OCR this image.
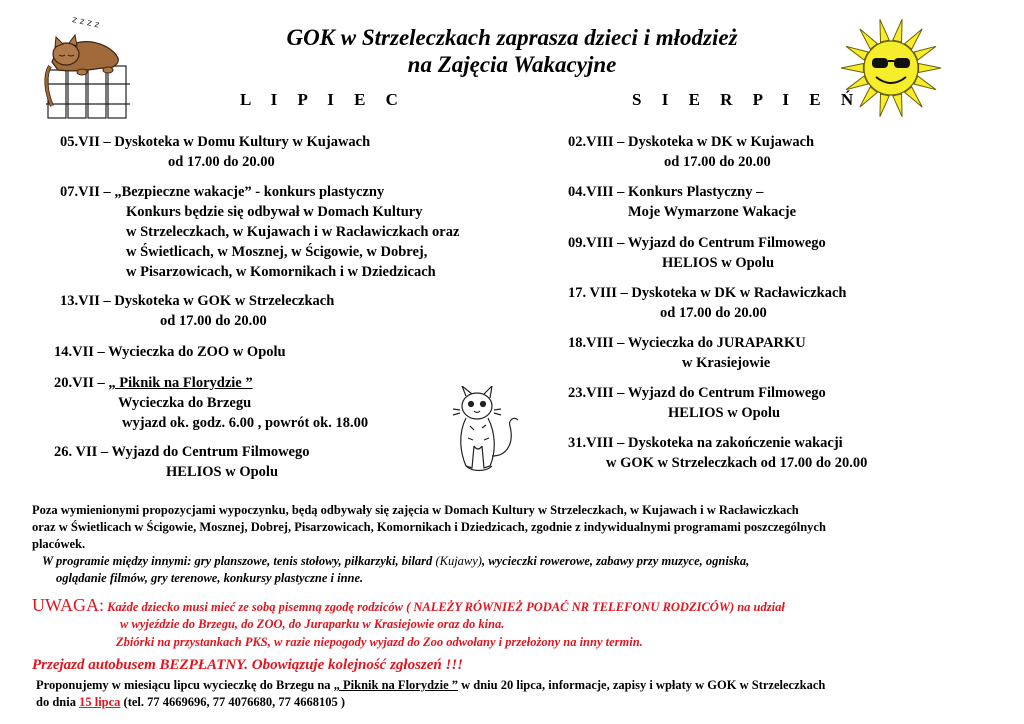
z z z z
GOK w Strzeleczkach zaprasza dzieci i młodzież
na Zajęcia Wakacyjne
L I P I E C	S I E R P I E Ń
05.VII – Dyskoteka w Domu Kultury w Kujawach
od 17.00 do 20.00
07.VII – „Bezpieczne wakacje” - konkurs plastyczny
Konkurs będzie się odbywał w Domach Kultury
w Strzeleczkach, w Kujawach i w Racławiczkach oraz
w Świetlicach, w Mosznej, w Ścigowie, w Dobrej,
w Pisarzowicach, w Komornikach i w Dziedzicach
13.VII – Dyskoteka w GOK w Strzeleczkach
od 17.00 do 20.00
14.VII – Wycieczka do ZOO w Opolu
20.VII – „ Piknik na Florydzie ”
Wycieczka do Brzegu
wyjazd ok. godz. 6.00 , powrót ok. 18.00
26. VII – Wyjazd do Centrum Filmowego
HELIOS w Opolu
02.VIII – Dyskoteka w DK w Kujawach
od 17.00 do 20.00
04.VIII – Konkurs Plastyczny –
Moje Wymarzone Wakacje
09.VIII – Wyjazd do Centrum Filmowego
HELIOS w Opolu
17. VIII – Dyskoteka w DK w Racławiczkach
od 17.00 do 20.00
18.VIII – Wycieczka do JURAPARKU
w Krasiejowie
23.VIII – Wyjazd do Centrum Filmowego
HELIOS w Opolu
31.VIII – Dyskoteka na zakończenie wakacji
w GOK w Strzeleczkach od 17.00 do 20.00
Poza wymienionymi propozycjami wypoczynku, będą odbywały się zajęcia w Domach Kultury w Strzeleczkach, w Kujawach i w Racławiczkach
oraz w Świetlicach w Ścigowie, Mosznej, Dobrej, Pisarzowicach, Komornikach i Dziedzicach, zgodnie z indywidualnymi programami poszczególnych
placówek.
W programie między innymi: gry planszowe, tenis stołowy, piłkarzyki, bilard (Kujawy), wycieczki rowerowe, zabawy przy muzyce, ogniska,
oglądanie filmów, gry terenowe, konkursy plastyczne i inne.
UWAGA: Każde dziecko musi mieć ze sobą pisemną zgodę rodziców ( NALEŻY RÓWNIEŻ PODAĆ NR TELEFONU RODZICÓW) na udział
w wyjeździe do Brzegu, do ZOO, do Juraparku w Krasiejowie oraz do kina.
Zbiórki na przystankach PKS, w razie niepogody wyjazd do Zoo odwołany i przełożony na inny termin.
Przejazd autobusem BEZPŁATNY. Obowiązuje kolejność zgłoszeń !!!
Proponujemy w miesiącu lipcu wycieczkę do Brzegu na „ Piknik na Florydzie ” w dniu 20 lipca, informacje, zapisy i wpłaty w GOK w Strzeleczkach
do dnia 15 lipca (tel. 77 4669696, 77 4076680, 77 4668105 )
